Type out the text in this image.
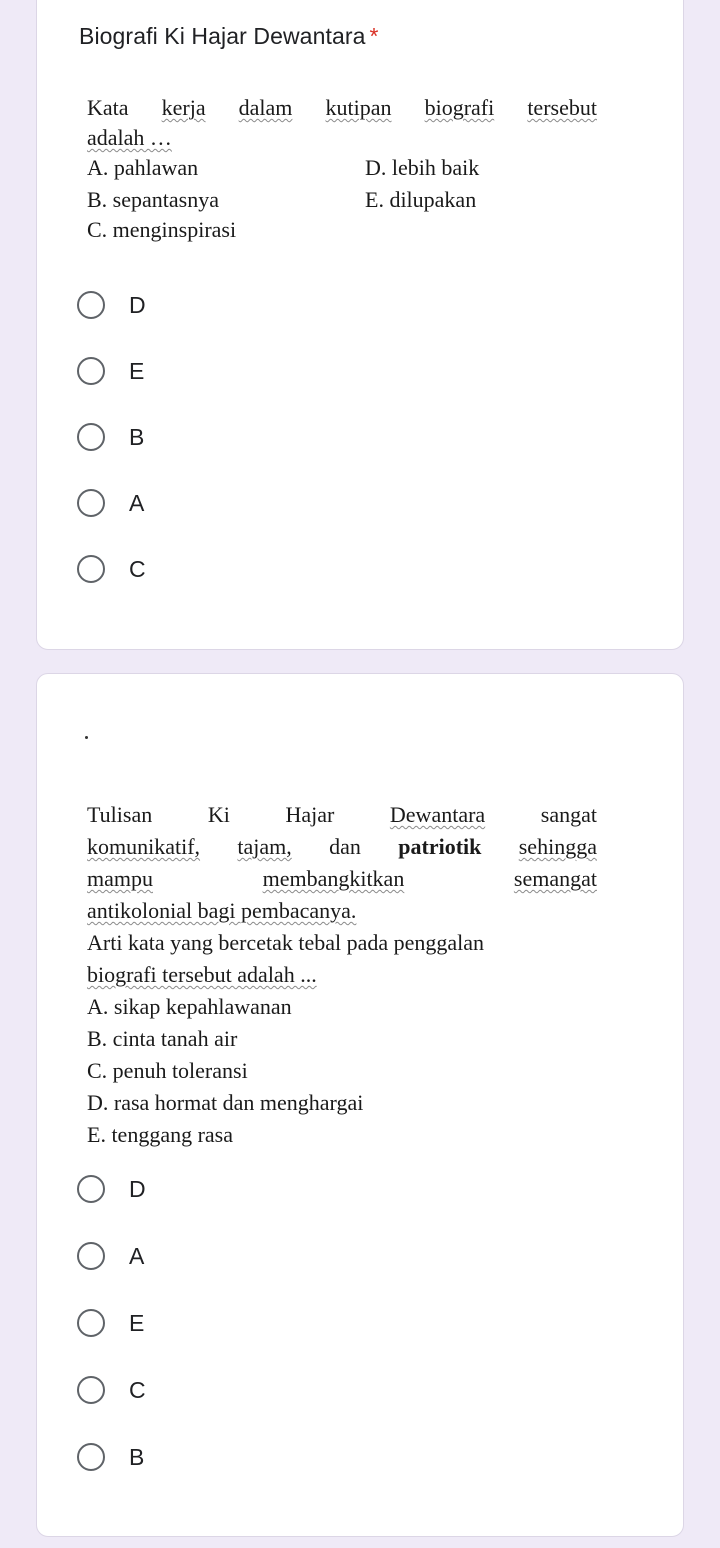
Biografi Ki Hajar Dewantara *
Kata kerja dalam kutipan biografi tersebut
adalah …
A. pahlawan	D. lebih baik
B. sepantasnya	E. dilupakan
C. menginspirasi
D
E
B
A
C
Tulisan	Ki	Hajar	Dewantara	sangat
komunikatif, tajam, dan patriotik sehingga
mampu	membangkitkan	semangat
antikolonial bagi pembacanya.
Arti kata yang bercetak tebal pada penggalan
biografi tersebut adalah ...
A. sikap kepahlawanan
B. cinta tanah air
C. penuh toleransi
D. rasa hormat dan menghargai
E. tenggang rasa
D
A
E
C
B
